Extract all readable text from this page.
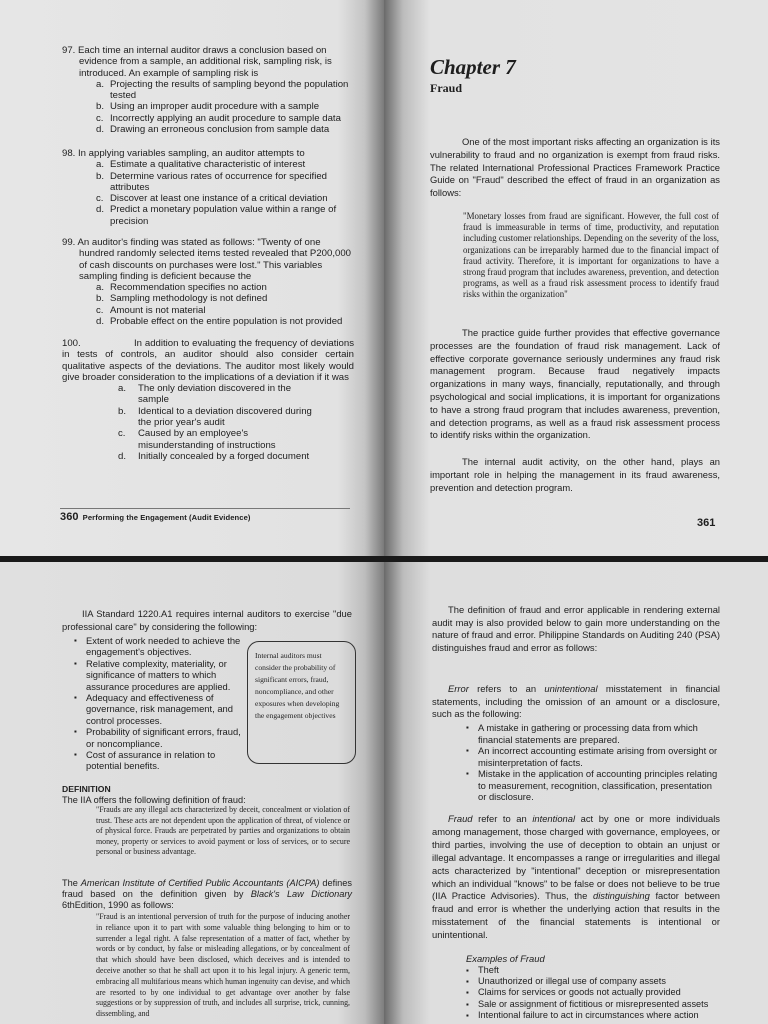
97. Each time an internal auditor draws a conclusion based on evidence from a sample, an additional risk, sampling risk, is introduced. An example of sampling risk is
a. Projecting the results of sampling beyond the population tested
b. Using an improper audit procedure with a sample
c. Incorrectly applying an audit procedure to sample data
d. Drawing an erroneous conclusion from sample data
98. In applying variables sampling, an auditor attempts to
a. Estimate a qualitative characteristic of interest
b. Determine various rates of occurrence for specified attributes
c. Discover at least one instance of a critical deviation
d. Predict a monetary population value within a range of precision
99. An auditor's finding was stated as follows: "Twenty of one hundred randomly selected items tested revealed that P200,000 of cash discounts on purchases were lost." This variables sampling finding is deficient because the
a. Recommendation specifies no action
b. Sampling methodology is not defined
c. Amount is not material
d. Probable effect on the entire population is not provided
100.	In addition to evaluating the frequency of deviations in tests of controls, an auditor should also consider certain qualitative aspects of the deviations. The auditor most likely would give broader consideration to the implications of a deviation if it was
a.	The only deviation discovered in the sample
b.	Identical to a deviation discovered during the prior year's audit
c.	Caused by an employee's misunderstanding of instructions
d.	Initially concealed by a forged document
360 Performing the Engagement (Audit Evidence)
Chapter 7
Fraud
One of the most important risks affecting an organization is its vulnerability to fraud and no organization is exempt from fraud risks. The related International Professional Practices Framework Practice Guide on "Fraud" described the effect of fraud in an organization as follows:
"Monetary losses from fraud are significant. However, the full cost of fraud is immeasurable in terms of time, productivity, and reputation including customer relationships. Depending on the severity of the loss, organizations can be irreparably harmed due to the financial impact of fraud activity. Therefore, it is important for organizations to have a strong fraud program that includes awareness, prevention, and detection programs, as well as a fraud risk assessment process to identify fraud risks within the organization"
The practice guide further provides that effective governance processes are the foundation of fraud risk management. Lack of effective corporate governance seriously undermines any fraud risk management program. Because fraud negatively impacts organizations in many ways, financially, reputationally, and through psychological and social implications, it is important for organizations to have a strong fraud program that includes awareness, prevention, and detection programs, as well as a fraud risk assessment process to identify risks within the organization.
The internal audit activity, on the other hand, plays an important role in helping the management in its fraud awareness, prevention and detection program.
361
IIA Standard 1220.A1 requires internal auditors to exercise "due professional care" by considering the following:
▪ Extent of work needed to achieve the engagement's objectives.
▪ Relative complexity, materiality, or significance of matters to which assurance procedures are applied.
▪ Adequacy and effectiveness of governance, risk management, and control processes.
▪ Probability of significant errors, fraud, or noncompliance.
▪ Cost of assurance in relation to potential benefits.
Internal auditors must consider the probability of significant errors, fraud, noncompliance, and other exposures when developing the engagement objectives
DEFINITION
The IIA offers the following definition of fraud:
"Frauds are any illegal acts characterized by deceit, concealment or violation of trust. These acts are not dependent upon the application of threat, of violence or of physical force. Frauds are perpetrated by parties and organizations to obtain money, property or services to avoid payment or loss of services, or to secure personal or business advantage.
The American Institute of Certified Public Accountants (AICPA) defines fraud based on the definition given by Black's Law Dictionary 6thEdition, 1990 as follows:
"Fraud is an intentional perversion of truth for the purpose of inducing another in reliance upon it to part with some valuable thing belonging to him or to surrender a legal right. A false representation of a matter of fact, whether by words or by conduct, by false or misleading allegations, or by concealment of that which should have been disclosed, which deceives and is intended to deceive another so that he shall act upon it to his legal injury. A generic term, embracing all multifarious means which human ingenuity can devise, and which are resorted to by one individual to get advantage over another by false suggestions or by suppression of truth, and includes all surprise, trick, cunning, dissembling, and
The definition of fraud and error applicable in rendering external audit may is also provided below to gain more understanding on the nature of fraud and error. Philippine Standards on Auditing 240 (PSA) distinguishes fraud and error as follows:
Error refers to an unintentional misstatement in financial statements, including the omission of an amount or a disclosure, such as the following:
▪ A mistake in gathering or processing data from which financial statements are prepared.
▪ An incorrect accounting estimate arising from oversight or misinterpretation of facts.
▪ Mistake in the application of accounting principles relating to measurement, recognition, classification, presentation or disclosure.
Fraud refer to an intentional act by one or more individuals among management, those charged with governance, employees, or third parties, involving the use of deception to obtain an unjust or illegal advantage. It encompasses a range or irregularities and illegal acts characterized by "intentional" deception or misrepresentation which an individual "knows" to be false or does not believe to be true (IIA Practice Advisories). Thus, the distinguishing factor between fraud and error is whether the underlying action that results in the misstatement of the financial statements is intentional or unintentional.
Examples of Fraud
▪ Theft
▪ Unauthorized or illegal use of company assets
▪ Claims for services or goods not actually provided
▪ Sale or assignment of fictitious or misrepresented assets
▪ Intentional failure to act in circumstances where action
